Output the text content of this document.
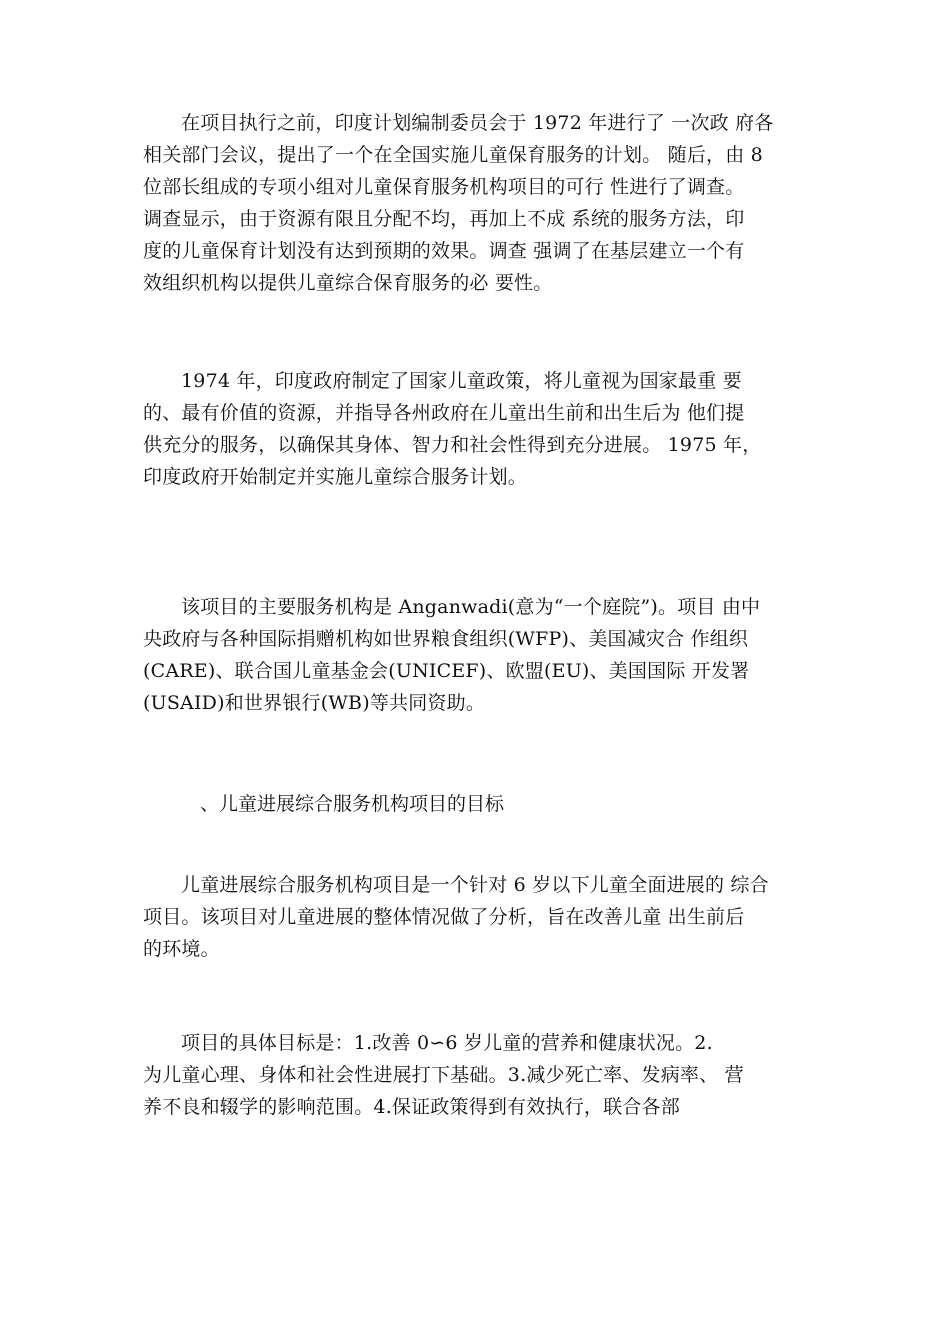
在项目执行之前，印度计划编制委员会于 1972 年进行了 一次政 府各
相关部门会议，提出了一个在全国实施儿童保育服务的计划。 随后，由 8
位部长组成的专项小组对儿童保育服务机构项目的可行 性进行了调查。
调查显示，由于资源有限且分配不均，再加上不成 系统的服务方法，印
度的儿童保育计划没有达到预期的效果。调查 强调了在基层建立一个有
效组织机构以提供儿童综合保育服务的必 要性。
1974 年，印度政府制定了国家儿童政策，将儿童视为国家最重 要
的、最有价值的资源，并指导各州政府在儿童出生前和出生后为 他们提
供充分的服务，以确保其身体、智力和社会性得到充分进展。 1975 年，
印度政府开始制定并实施儿童综合服务计划。
该项目的主要服务机构是 Anganwadi(意为“一个庭院”)。项目 由中
央政府与各种国际捐赠机构如世界粮食组织(WFP)、美国减灾合 作组织
(CARE)、联合国儿童基金会(UNICEF)、欧盟(EU)、美国国际 开发署
(USAID)和世界银行(WB)等共同资助。
、儿童进展综合服务机构项目的目标
儿童进展综合服务机构项目是一个针对 6 岁以下儿童全面进展的 综合
项目。该项目对儿童进展的整体情况做了分析，旨在改善儿童 出生前后
的环境。
项目的具体目标是：1.改善 0∽6 岁儿童的营养和健康状况。2.
为儿童心理、身体和社会性进展打下基础。3.减少死亡率、发病率、 营
养不良和辍学的影响范围。4.保证政策得到有效执行，联合各部
